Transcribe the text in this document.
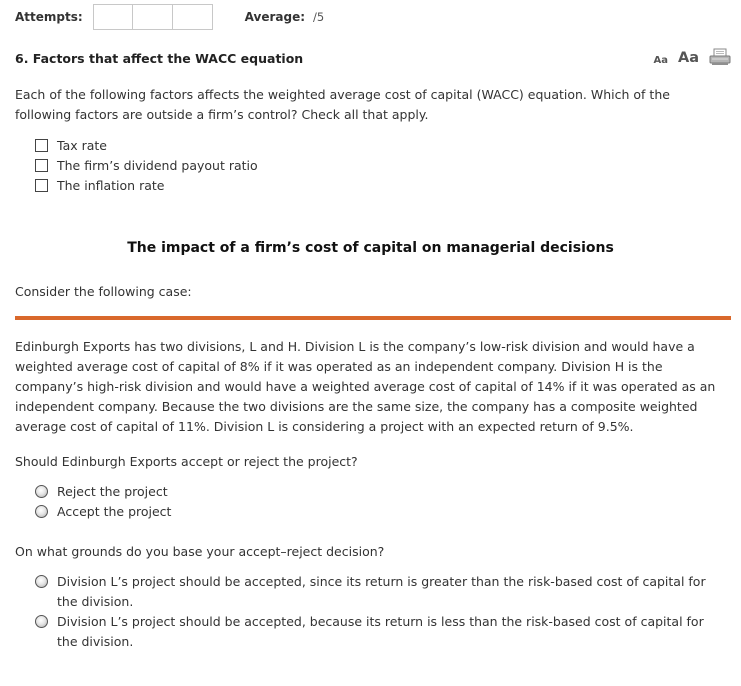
Attempts:	Average: /5
6. Factors that affect the WACC equation	Aa Aa
Each of the following factors affects the weighted average cost of capital (WACC) equation. Which of the following factors are outside a firm’s control? Check all that apply.
Tax rate
The firm’s dividend payout ratio
The inflation rate
The impact of a firm’s cost of capital on managerial decisions
Consider the following case:
Edinburgh Exports has two divisions, L and H. Division L is the company’s low-risk division and would have a weighted average cost of capital of 8% if it was operated as an independent company. Division H is the company’s high-risk division and would have a weighted average cost of capital of 14% if it was operated as an independent company. Because the two divisions are the same size, the company has a composite weighted average cost of capital of 11%. Division L is considering a project with an expected return of 9.5%.
Should Edinburgh Exports accept or reject the project?
Reject the project
Accept the project
On what grounds do you base your accept–reject decision?
Division L’s project should be accepted, since its return is greater than the risk-based cost of capital for the division.
Division L’s project should be accepted, because its return is less than the risk-based cost of capital for the division.
